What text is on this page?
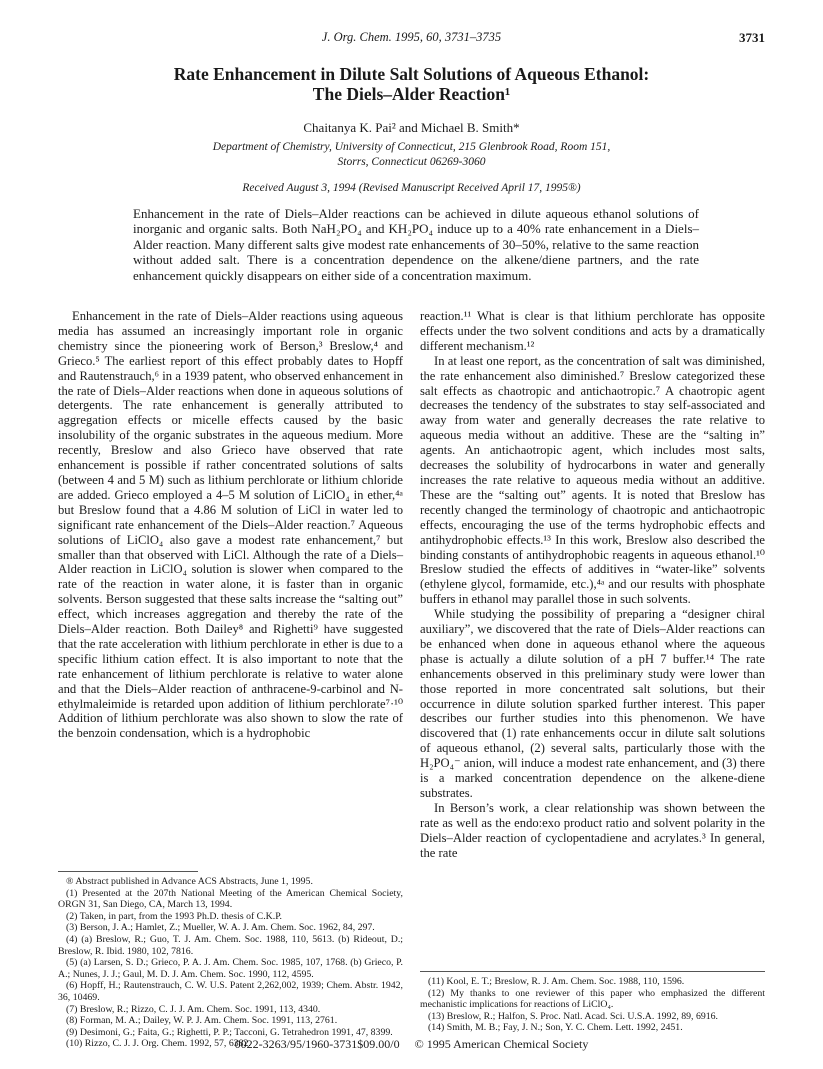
J. Org. Chem. 1995, 60, 3731–3735	3731
Rate Enhancement in Dilute Salt Solutions of Aqueous Ethanol:
The Diels–Alder Reaction¹
Chaitanya K. Pai² and Michael B. Smith*
Department of Chemistry, University of Connecticut, 215 Glenbrook Road, Room 151,
Storrs, Connecticut 06269-3060
Received August 3, 1994 (Revised Manuscript Received April 17, 1995®)
Enhancement in the rate of Diels–Alder reactions can be achieved in dilute aqueous ethanol solutions of inorganic and organic salts. Both NaH₂PO₄ and KH₂PO₄ induce up to a 40% rate enhancement in a Diels–Alder reaction. Many different salts give modest rate enhancements of 30–50%, relative to the same reaction without added salt. There is a concentration dependence on the alkene/diene partners, and the rate enhancement quickly disappears on either side of a concentration maximum.

Enhancement in the rate of Diels–Alder reactions using aqueous media has assumed an increasingly important role in organic chemistry since the pioneering work of Berson,³ Breslow,⁴ and Grieco.⁵ The earliest report of this effect probably dates to Hopff and Rautenstrauch,⁶ in a 1939 patent, who observed enhancement in the rate of Diels–Alder reactions when done in aqueous solutions of detergents. The rate enhancement is generally attributed to aggregation effects or micelle effects caused by the basic insolubility of the organic substrates in the aqueous medium. More recently, Breslow and also Grieco have observed that rate enhancement is possible if rather concentrated solutions of salts (between 4 and 5 M) such as lithium perchlorate or lithium chloride are added. Grieco employed a 4–5 M solution of LiClO₄ in ether,⁴ᵃ but Breslow found that a 4.86 M solution of LiCl in water led to significant rate enhancement of the Diels–Alder reaction.⁷ Aqueous solutions of LiClO₄ also gave a modest rate enhancement,⁷ but smaller than that observed with LiCl. Although the rate of a Diels–Alder reaction in LiClO₄ solution is slower when compared to the rate of the reaction in water alone, it is faster than in organic solvents. Berson suggested that these salts increase the “salting out” effect, which increases aggregation and thereby the rate of the Diels–Alder reaction. Both Dailey⁸ and Righetti⁹ have suggested that the rate acceleration with lithium perchlorate in ether is due to a specific lithium cation effect. It is also important to note that the rate enhancement of lithium perchlorate is relative to water alone and that the Diels–Alder reaction of anthracene-9-carbinol and N-ethylmaleimide is retarded upon addition of lithium perchlorate⁷·¹⁰ Addition of lithium perchlorate was also shown to slow the rate of the benzoin condensation, which is a hydrophobic

reaction.¹¹ What is clear is that lithium perchlorate has opposite effects under the two solvent conditions and acts by a dramatically different mechanism.¹²

In at least one report, as the concentration of salt was diminished, the rate enhancement also diminished.⁷ Breslow categorized these salt effects as chaotropic and antichaotropic.⁷ A chaotropic agent decreases the tendency of the substrates to stay self-associated and away from water and generally decreases the rate relative to aqueous media without an additive. These are the “salting in” agents. An antichaotropic agent, which includes most salts, decreases the solubility of hydrocarbons in water and generally increases the rate relative to aqueous media without an additive. These are the “salting out” agents. It is noted that Breslow has recently changed the terminology of chaotropic and antichaotropic effects, encouraging the use of the terms hydrophobic effects and antihydrophobic effects.¹³ In this work, Breslow also described the binding constants of antihydrophobic reagents in aqueous ethanol.¹⁰ Breslow studied the effects of additives in “water-like” solvents (ethylene glycol, formamide, etc.),⁴ᵃ and our results with phosphate buffers in ethanol may parallel those in such solvents.

While studying the possibility of preparing a “designer chiral auxiliary”, we discovered that the rate of Diels–Alder reactions can be enhanced when done in aqueous ethanol where the aqueous phase is actually a dilute solution of a pH 7 buffer.¹⁴ The rate enhancements observed in this preliminary study were lower than those reported in more concentrated salt solutions, but their occurrence in dilute solution sparked further interest. This paper describes our further studies into this phenomenon. We have discovered that (1) rate enhancements occur in dilute salt solutions of aqueous ethanol, (2) several salts, particularly those with the H₂PO₄⁻ anion, will induce a modest rate enhancement, and (3) there is a marked concentration dependence on the alkene-diene substrates.

In Berson’s work, a clear relationship was shown between the rate as well as the endo:exo product ratio and solvent polarity in the Diels–Alder reaction of cyclopentadiene and acrylates.³ In general, the rate

® Abstract published in Advance ACS Abstracts, June 1, 1995.
(1) Presented at the 207th National Meeting of the American Chemical Society, ORGN 31, San Diego, CA, March 13, 1994.
(2) Taken, in part, from the 1993 Ph.D. thesis of C.K.P.
(3) Berson, J. A.; Hamlet, Z.; Mueller, W. A. J. Am. Chem. Soc. 1962, 84, 297.
(4) (a) Breslow, R.; Guo, T. J. Am. Chem. Soc. 1988, 110, 5613. (b) Rideout, D.; Breslow, R. Ibid. 1980, 102, 7816.
(5) (a) Larsen, S. D.; Grieco, P. A. J. Am. Chem. Soc. 1985, 107, 1768. (b) Grieco, P. A.; Nunes, J. J.; Gaul, M. D. J. Am. Chem. Soc. 1990, 112, 4595.
(6) Hopff, H.; Rautenstrauch, C. W. U.S. Patent 2,262,002, 1939; Chem. Abstr. 1942, 36, 10469.
(7) Breslow, R.; Rizzo, C. J. J. Am. Chem. Soc. 1991, 113, 4340.
(8) Forman, M. A.; Dailey, W. P. J. Am. Chem. Soc. 1991, 113, 2761.
(9) Desimoni, G.; Faita, G.; Righetti, P. P.; Tacconi, G. Tetrahedron 1991, 47, 8399.
(10) Rizzo, C. J. J. Org. Chem. 1992, 57, 6382.
(11) Kool, E. T.; Breslow, R. J. Am. Chem. Soc. 1988, 110, 1596.
(12) My thanks to one reviewer of this paper who emphasized the different mechanistic implications for reactions of LiClO₄.
(13) Breslow, R.; Halfon, S. Proc. Natl. Acad. Sci. U.S.A. 1992, 89, 6916.
(14) Smith, M. B.; Fay, J. N.; Son, Y. C. Chem. Lett. 1992, 2451.
0022-3263/95/1960-3731$09.00/0     © 1995 American Chemical Society
